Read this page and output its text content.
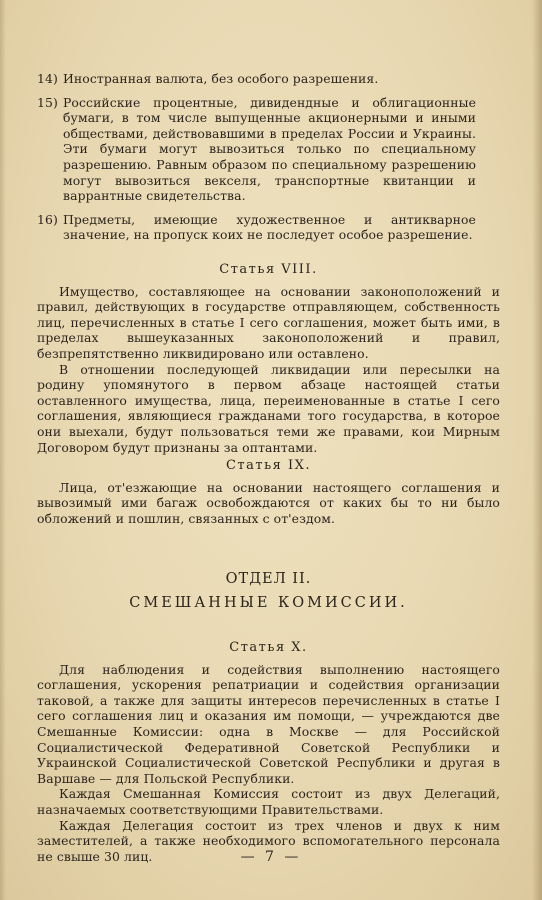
14) Иностранная валюта, без особого разрешения.
15) Российские процентные, дивидендные и облигационные бумаги, в том числе выпущенные акционерными и иными обществами, действовавшими в пределах России и Украины. Эти бумаги могут вывозиться только по специальному разрешению. Равным образом по специальному разрешению могут вывозиться векселя, транспортные квитанции и варрантные свидетельства.
16) Предметы, имеющие художественное и антикварное значение, на пропуск коих не последует особое разрешение.
Статья VIII.

Имущество, составляющее на основании законоположений и правил, действующих в государстве отправляющем, собственность лиц, перечисленных в статье I сего соглашения, может быть ими, в пределах вышеуказанных законоположений и правил, безпрепятственно ликвидировано или оставлено.

В отношении последующей ликвидации или пересылки на родину упомянутого в первом абзаце настоящей статьи оставленного имущества, лица, переименованные в статье I сего соглашения, являющиеся гражданами того государства, в которое они выехали, будут пользоваться теми же правами, кои Мирным Договором будут признаны за оптантами.

Статья IX.

Лица, от'езжающие на основании настоящего соглашения и вывозимый ими багаж освобождаются от каких бы то ни было обложений и пошлин, связанных с от'ездом.

ОТДЕЛ II.
СМЕШАННЫЕ КОМИССИИ.
Статья X.

Для наблюдения и содействия выполнению настоящего соглашения, ускорения репатриации и содействия организации таковой, а также для защиты интересов перечисленных в статье I сего соглашения лиц и оказания им помощи, — учреждаются две Смешанные Комиссии: одна в Москве — для Российской Социалистической Федеративной Советской Республики и Украинской Социалистической Советской Республики и другая в Варшаве — для Польской Республики.

Каждая Смешанная Комиссия состоит из двух Делегаций, назначаемых соответствующими Правительствами.

Каждая Делегация состоит из трех членов и двух к ним заместителей, а также необходимого вспомогательного персонала не свыше 30 лиц.	— 7 —
